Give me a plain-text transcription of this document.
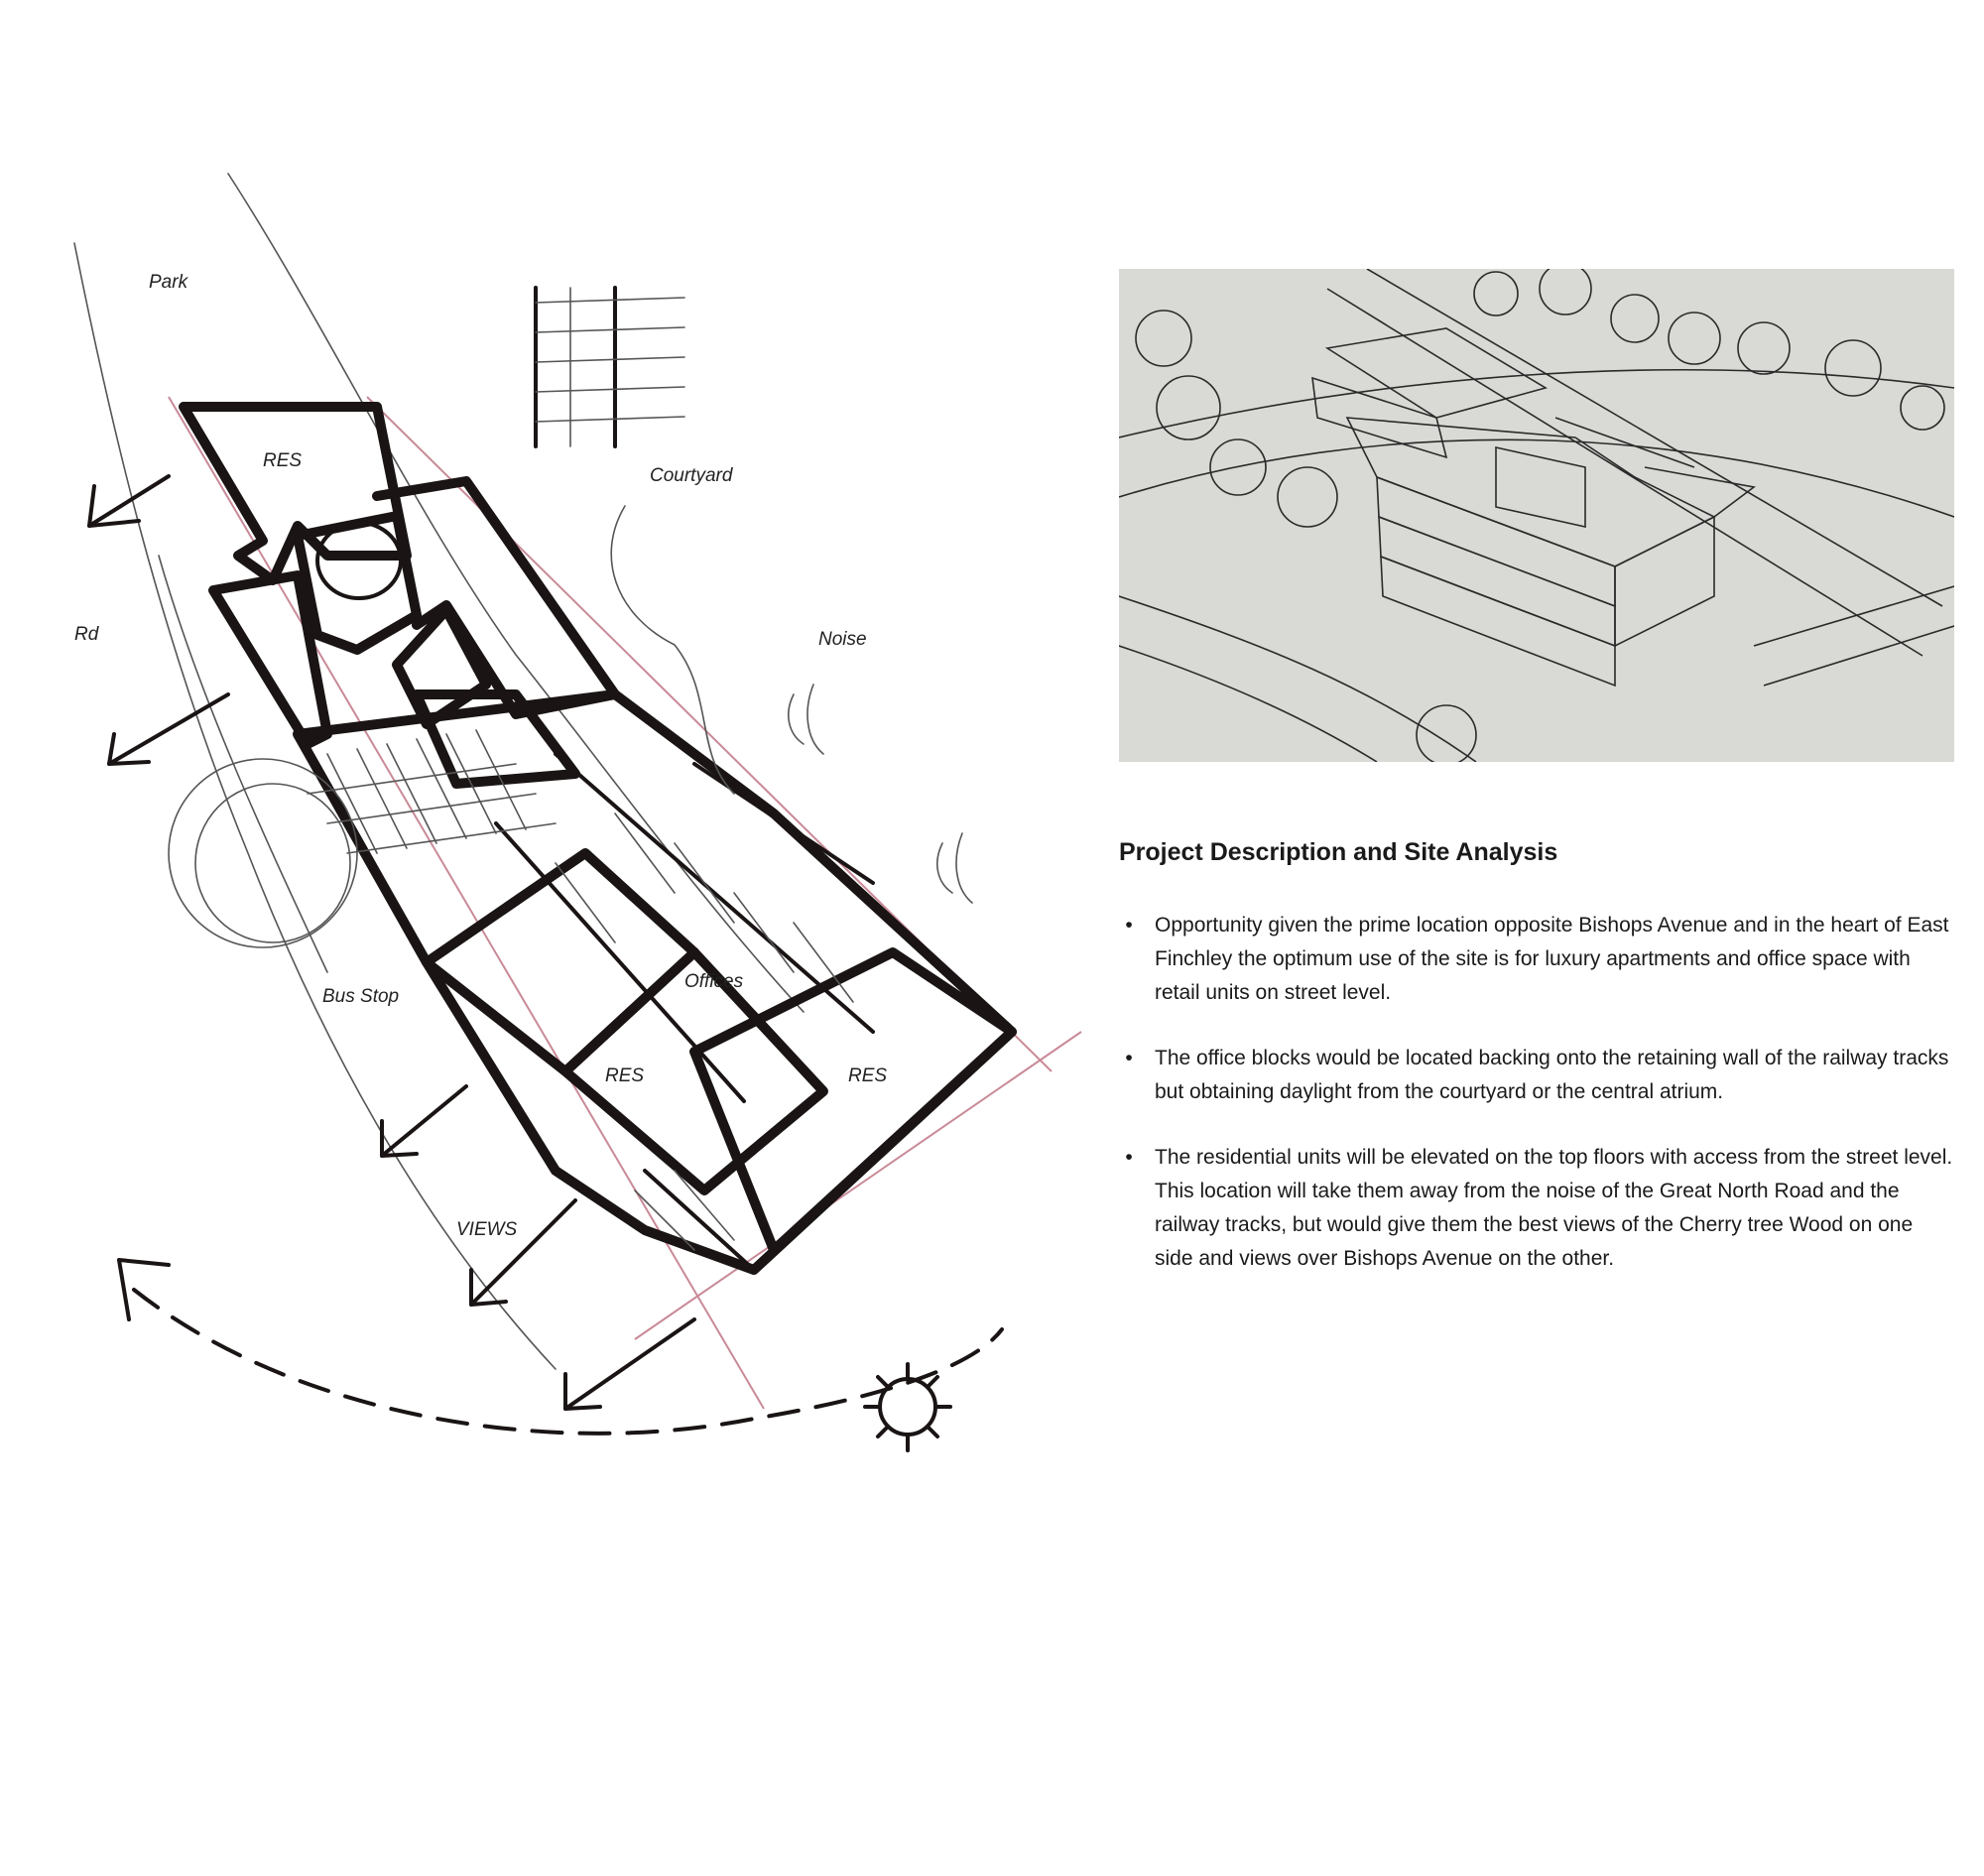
Park
RES
Courtyard
Rd	Noise
Bus Stop
Offices
RES	RES
VIEWS
Project Description and Site Analysis
•	Opportunity given the prime location opposite Bishops Avenue and in the heart of East Finchley the optimum use of the site is for luxury apartments and office space with retail units on street level.
•	The office blocks would be located backing onto the retaining wall of the railway tracks but obtaining daylight from the courtyard or the central atrium.
•	The residential units will be elevated on the top floors with access from the street level. This location will take them away from the noise of the Great North Road and the railway tracks, but would give them the best views of the Cherry tree Wood on one side and views over Bishops Avenue on the other.
